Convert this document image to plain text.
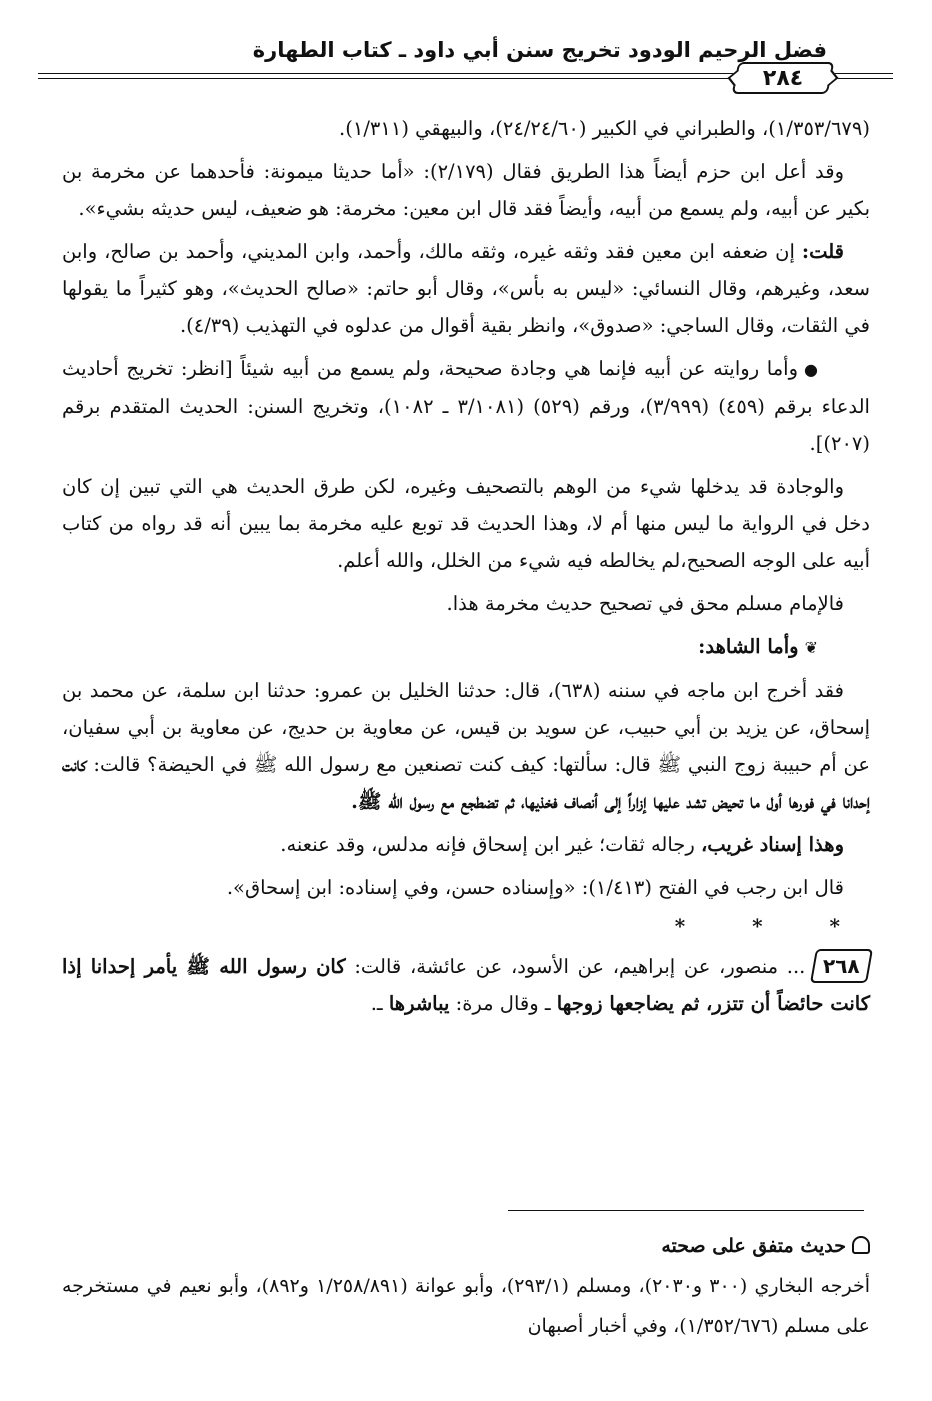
فضل الرحيم الودود تخريج سنن أبي داود ـ كتاب الطهارة
٢٨٤

(١/٣٥٣/٦٧٩)، والطبراني في الكبير (٢٤/٢٤/٦٠)، والبيهقي (١/٣١١).

وقد أعل ابن حزم أيضاً هذا الطريق فقال (٢/١٧٩): «أما حديثا ميمونة: فأحدهما عن مخرمة بن بكير عن أبيه، ولم يسمع من أبيه، وأيضاً فقد قال ابن معين: مخرمة: هو ضعيف، ليس حديثه بشيء».

قلت: إن ضعفه ابن معين فقد وثقه غيره، وثقه مالك، وأحمد، وابن المديني، وأحمد بن صالح، وابن سعد، وغيرهم، وقال النسائي: «ليس به بأس»، وقال أبو حاتم: «صالح الحديث»، وهو كثيراً ما يقولها في الثقات، وقال الساجي: «صدوق»، وانظر بقية أقوال من عدلوه في التهذيب (٤/٣٩).

●وأما روايته عن أبيه فإنما هي وجادة صحيحة، ولم يسمع من أبيه شيئاً [انظر: تخريج أحاديث الدعاء برقم (٤٥٩) (٣/٩٩٩)، ورقم (٥٢٩) (٣/١٠٨١ ـ ١٠٨٢)، وتخريج السنن: الحديث المتقدم برقم (٢٠٧)].

والوجادة قد يدخلها شيء من الوهم بالتصحيف وغيره، لكن طرق الحديث هي التي تبين إن كان دخل في الرواية ما ليس منها أم لا، وهذا الحديث قد توبع عليه مخرمة بما يبين أنه قد رواه من كتاب أبيه على الوجه الصحيح،لم يخالطه فيه شيء من الخلل، والله أعلم.

فالإمام مسلم محق في تصحيح حديث مخرمة هذا.

❦وأما الشاهد:

فقد أخرج ابن ماجه في سننه (٦٣٨)، قال: حدثنا الخليل بن عمرو: حدثنا ابن سلمة، عن محمد بن إسحاق، عن يزيد بن أبي حبيب، عن سويد بن قيس، عن معاوية بن حديج، عن معاوية بن أبي سفيان، عن أم حبيبة زوج النبي ﷺ قال: سألتها: كيف كنت تصنعين مع رسول الله ﷺ في الحيضة؟ قالت: كانت إحدانا في فورها أول ما تحيض تشد عليها إزاراً إلى أنصاف فخذيها، ثم تضطجع مع رسول الله ﷺ.

وهذا إسناد غريب، رجاله ثقات؛ غير ابن إسحاق فإنه مدلس، وقد عنعنه.

قال ابن رجب في الفتح (١/٤١٣): «وإسناده حسن، وفي إسناده: ابن إسحاق».

* * *

٢٦٨... منصور، عن إبراهيم، عن الأسود، عن عائشة، قالت: كان رسول الله ﷺ يأمر إحدانا إذا كانت حائضاً أن تتزر، ثم يضاجعها زوجها ـ وقال مرة: يباشرها ـ.

حديث متفق على صحته

أخرجه البخاري (٣٠٠ و٢٠٣٠)، ومسلم (٢٩٣/١)، وأبو عوانة (١/٢٥٨/٨٩١ و٨٩٢)، وأبو نعيم في مستخرجه على مسلم (١/٣٥٢/٦٧٦)، وفي أخبار أصبهان
